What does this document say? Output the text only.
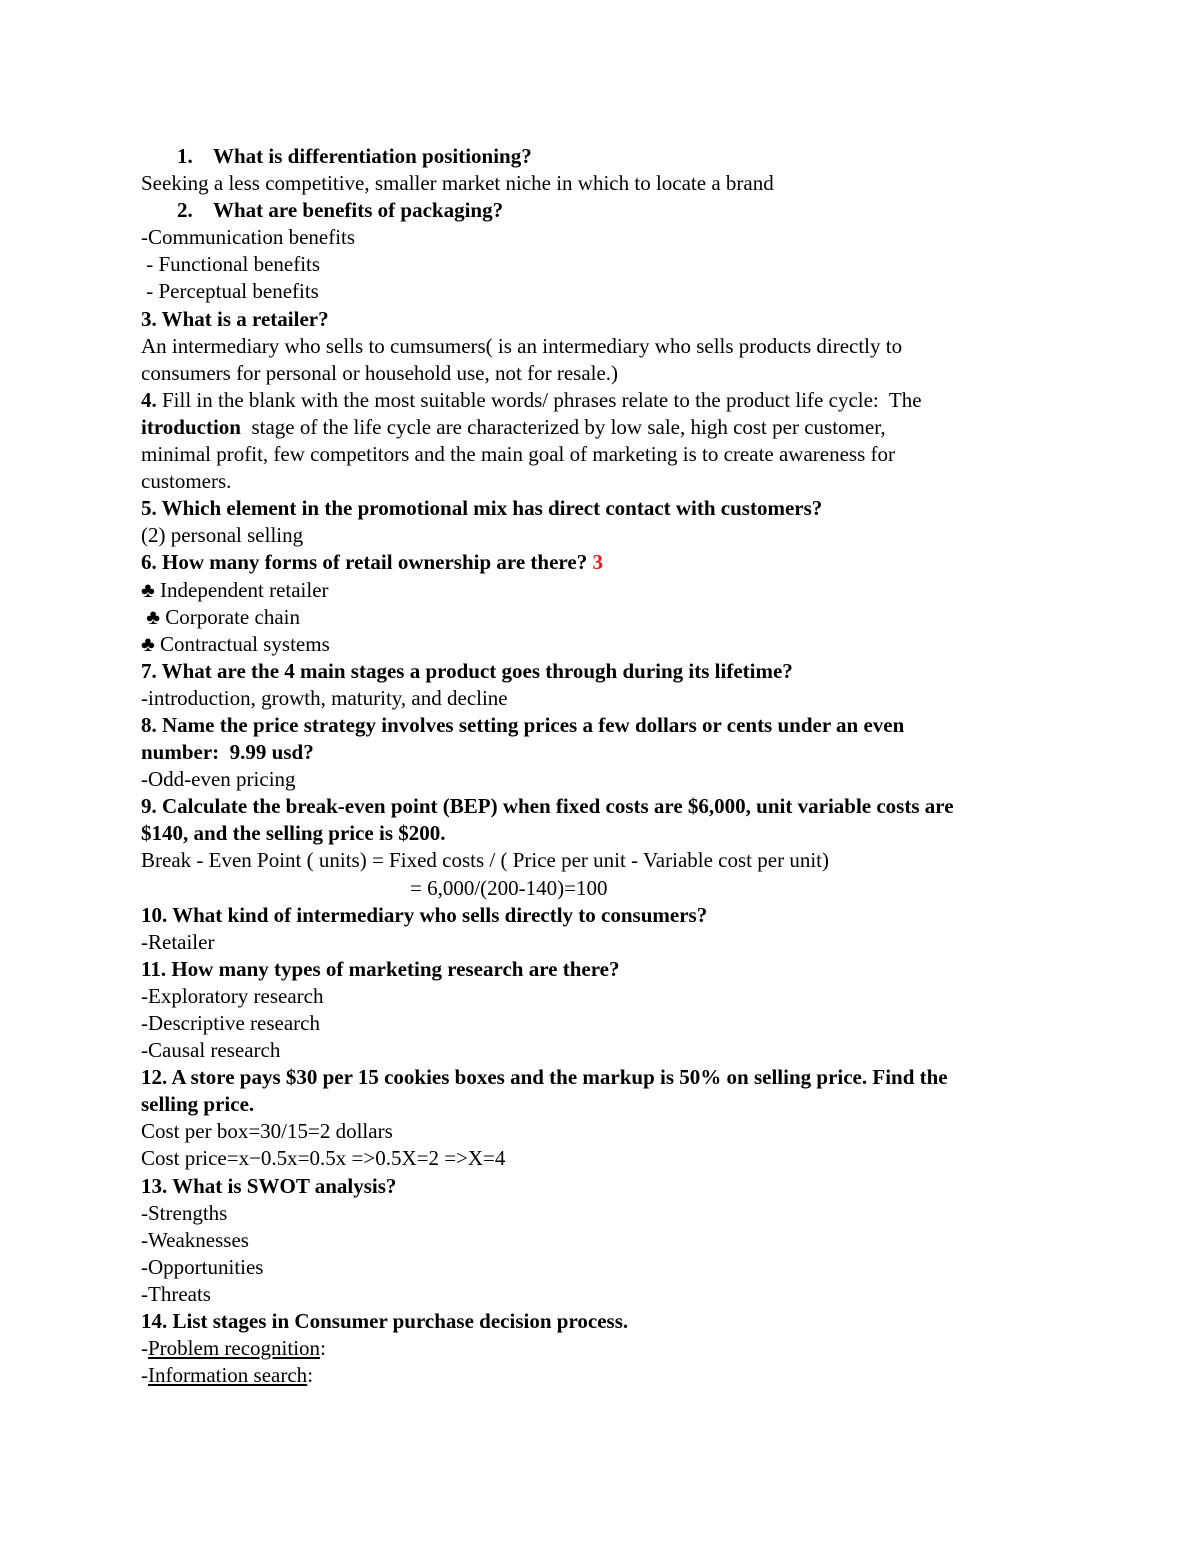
1. What is differentiation positioning?
Seeking a less competitive, smaller market niche in which to locate a brand
2. What are benefits of packaging?
-Communication benefits
- Functional benefits
- Perceptual benefits
3. What is a retailer?
An intermediary who sells to cumsumers( is an intermediary who sells products directly to
consumers for personal or household use, not for resale.)
4. Fill in the blank with the most suitable words/ phrases relate to the product life cycle:  The
itroduction  stage of the life cycle are characterized by low sale, high cost per customer,
minimal profit, few competitors and the main goal of marketing is to create awareness for
customers.
5. Which element in the promotional mix has direct contact with customers?
(2) personal selling
6. How many forms of retail ownership are there? 3
♣ Independent retailer
♣ Corporate chain
♣ Contractual systems
7. What are the 4 main stages a product goes through during its lifetime?
-introduction, growth, maturity, and decline
8. Name the price strategy involves setting prices a few dollars or cents under an even
number:  9.99 usd?
-Odd-even pricing
9. Calculate the break-even point (BEP) when fixed costs are $6,000, unit variable costs are
$140, and the selling price is $200.
Break - Even Point ( units) = Fixed costs / ( Price per unit - Variable cost per unit)
= 6,000/(200-140)=100
10. What kind of intermediary who sells directly to consumers?
-Retailer
11. How many types of marketing research are there?
-Exploratory research
-Descriptive research
-Causal research
12. A store pays $30 per 15 cookies boxes and the markup is 50% on selling price. Find the
selling price.
Cost per box=30/15=2 dollars
Cost price=x−0.5x=0.5x =>0.5X=2 =>X=4
13. What is SWOT analysis?
-Strengths
-Weaknesses
-Opportunities
-Threats
14. List stages in Consumer purchase decision process.
-Problem recognition:
-Information search:
